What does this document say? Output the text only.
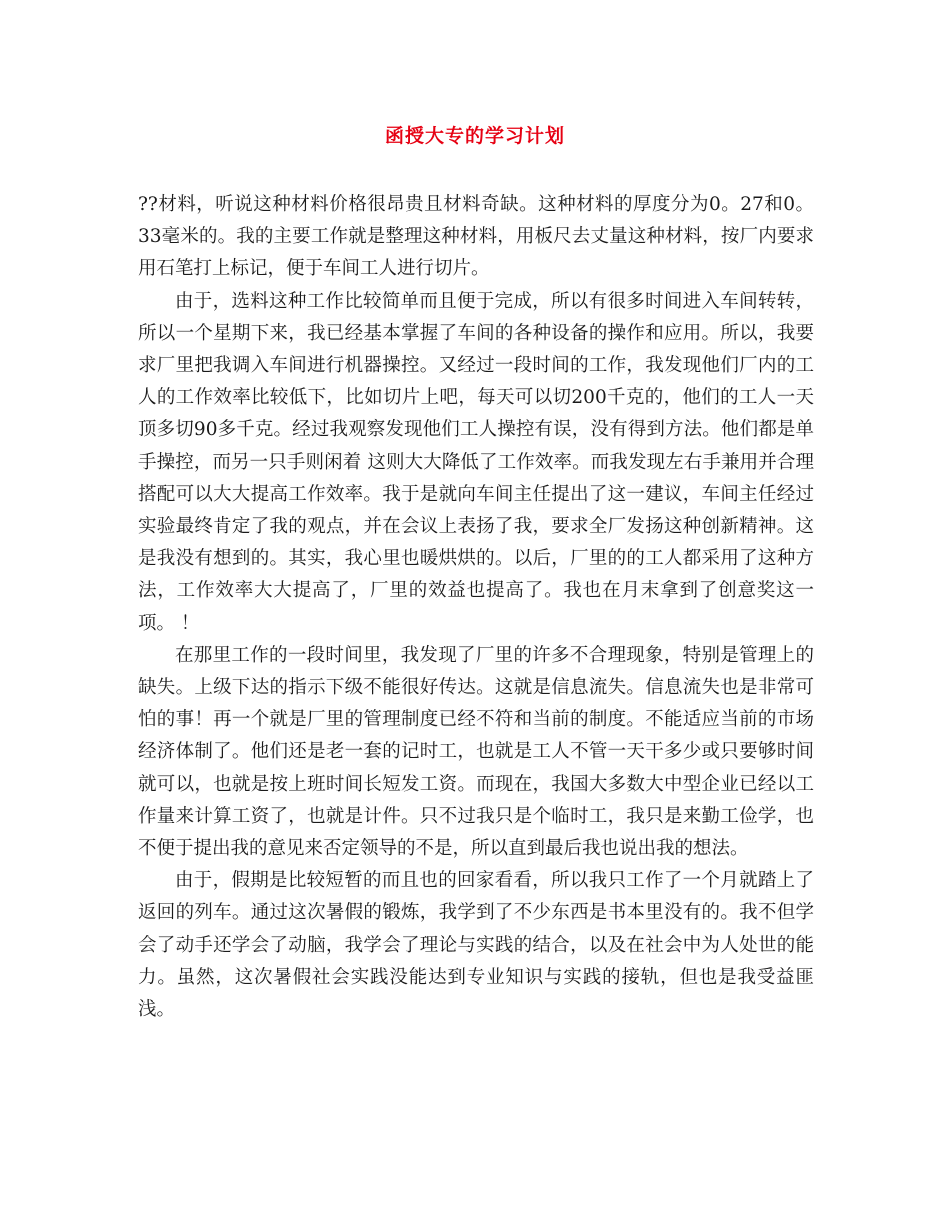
函授大专的学习计划

??材料，听说这种材料价格很昂贵且材料奇缺。这种材料的厚度分为0。27和0。33毫米的。我的主要工作就是整理这种材料，用板尺去丈量这种材料，按厂内要求用石笔打上标记，便于车间工人进行切片。

由于，选料这种工作比较简单而且便于完成，所以有很多时间进入车间转转，所以一个星期下来，我已经基本掌握了车间的各种设备的操作和应用。所以，我要求厂里把我调入车间进行机器操控。又经过一段时间的工作，我发现他们厂内的工人的工作效率比较低下，比如切片上吧，每天可以切200千克的，他们的工人一天顶多切90多千克。经过我观察发现他们工人操控有误，没有得到方法。他们都是单手操控，而另一只手则闲着 这则大大降低了工作效率。而我发现左右手兼用并合理搭配可以大大提高工作效率。我于是就向车间主任提出了这一建议，车间主任经过实验最终肯定了我的观点，并在会议上表扬了我，要求全厂发扬这种创新精神。这是我没有想到的。其实，我心里也暖烘烘的。以后，厂里的的工人都采用了这种方法，工作效率大大提高了，厂里的效益也提高了。我也在月末拿到了创意奖这一项。 ！

在那里工作的一段时间里，我发现了厂里的许多不合理现象，特别是管理上的缺失。上级下达的指示下级不能很好传达。这就是信息流失。信息流失也是非常可怕的事！再一个就是厂里的管理制度已经不符和当前的制度。不能适应当前的市场经济体制了。他们还是老一套的记时工，也就是工人不管一天干多少或只要够时间就可以，也就是按上班时间长短发工资。而现在，我国大多数大中型企业已经以工作量来计算工资了，也就是计件。只不过我只是个临时工，我只是来勤工俭学，也不便于提出我的意见来否定领导的不是，所以直到最后我也说出我的想法。

由于，假期是比较短暂的而且也的回家看看，所以我只工作了一个月就踏上了返回的列车。通过这次暑假的锻炼，我学到了不少东西是书本里没有的。我不但学会了动手还学会了动脑，我学会了理论与实践的结合，以及在社会中为人处世的能力。虽然，这次暑假社会实践没能达到专业知识与实践的接轨，但也是我受益匪浅。
